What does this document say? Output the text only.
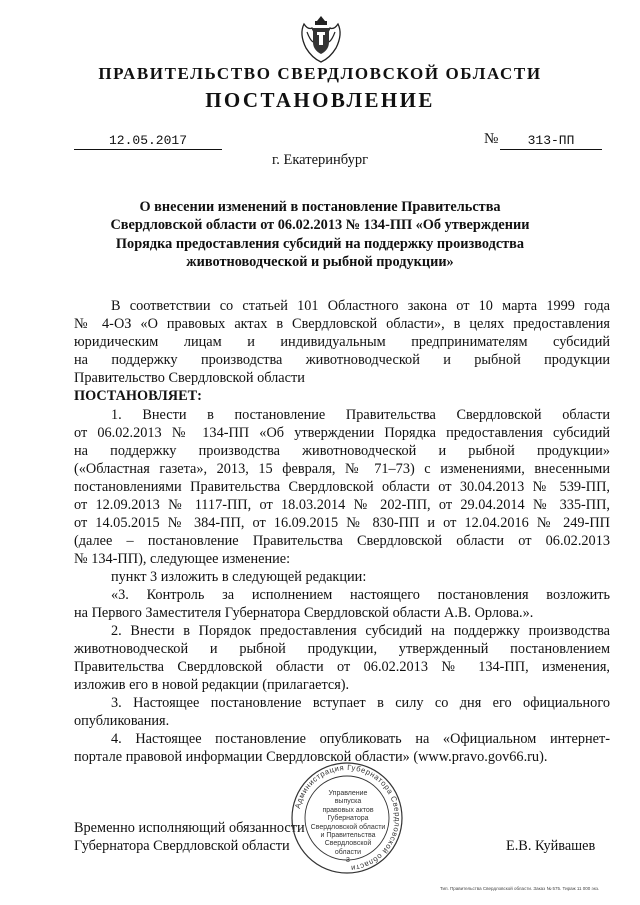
ПРАВИТЕЛЬСТВО СВЕРДЛОВСКОЙ ОБЛАСТИ
ПОСТАНОВЛЕНИЕ
12.05.2017	№	313-ПП
г. Екатеринбург
О внесении изменений в постановление Правительства
Свердловской области от 06.02.2013 № 134-ПП «Об утверждении
Порядка предоставления субсидий на поддержку производства
животноводческой и рыбной продукции»
В соответствии со статьей 101 Областного закона от 10 марта 1999 года
№ 4-ОЗ «О правовых актах в Свердловской области», в целях предоставления
юридическим лицам и индивидуальным предпринимателям субсидий
на поддержку производства животноводческой и рыбной продукции
Правительство Свердловской области
ПОСТАНОВЛЯЕТ:
1. Внести в постановление Правительства Свердловской области
от 06.02.2013 № 134-ПП «Об утверждении Порядка предоставления субсидий
на поддержку производства животноводческой и рыбной продукции»
(«Областная газета», 2013, 15 февраля, № 71–73) с изменениями, внесенными
постановлениями Правительства Свердловской области от 30.04.2013 № 539-ПП,
от 12.09.2013 № 1117-ПП, от 18.03.2014 № 202-ПП, от 29.04.2014 № 335-ПП,
от 14.05.2015 № 384-ПП, от 16.09.2015 № 830-ПП и от 12.04.2016 № 249-ПП
(далее – постановление Правительства Свердловской области от 06.02.2013
№ 134-ПП), следующее изменение:
пункт 3 изложить в следующей редакции:
«3. Контроль за исполнением настоящего постановления возложить
на Первого Заместителя Губернатора Свердловской области А.В. Орлова.».
2. Внести в Порядок предоставления субсидий на поддержку производства
животноводческой и рыбной продукции, утвержденный постановлением
Правительства Свердловской области от 06.02.2013 № 134-ПП, изменения,
изложив его в новой редакции (прилагается).
3. Настоящее постановление вступает в силу со дня его официального
опубликования.
4. Настоящее постановление опубликовать на «Официальном интернет-
портале правовой информации Свердловской области» (www.pravo.gov66.ru).
Временно исполняющий обязанности
Губернатора Свердловской области	Е.В. Куйвашев
Администрация Губернатора Свердловской области
Управление
выпуска
правовых актов
Губернатора
Свердловской области
и Правительства
Свердловской
области
3
Тип. Правительства Свердловской области. Заказ № 575. Тираж 11 000 экз.
